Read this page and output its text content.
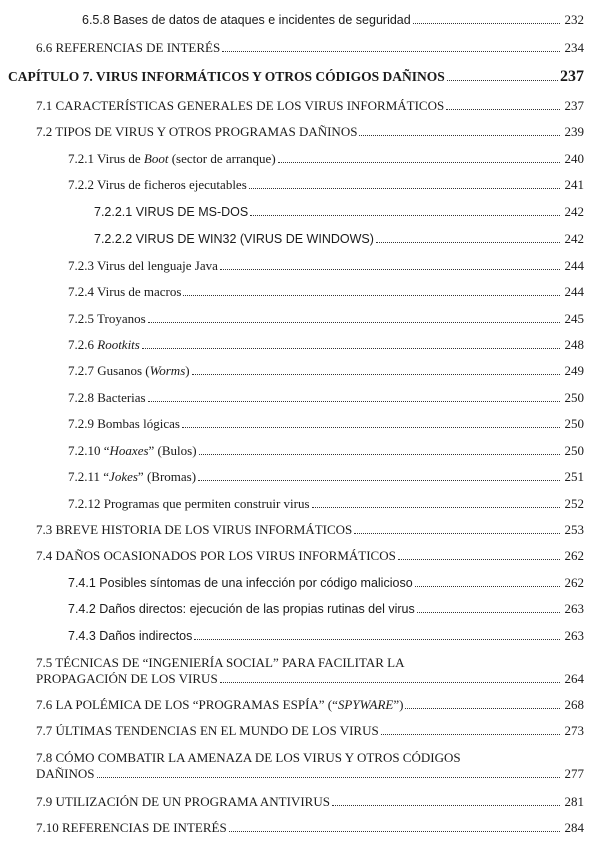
6.5.8 Bases de datos de ataques e incidentes de seguridad	232
6.6 REFERENCIAS DE INTERÉS	234
CAPÍTULO 7. VIRUS INFORMÁTICOS Y OTROS CÓDIGOS DAÑINOS	237
7.1 CARACTERÍSTICAS GENERALES DE LOS VIRUS INFORMÁTICOS	237
7.2 TIPOS DE VIRUS Y OTROS PROGRAMAS DAÑINOS	239
7.2.1 Virus de Boot (sector de arranque)	240
7.2.2 Virus de ficheros ejecutables	241
7.2.2.1 VIRUS DE MS-DOS	242
7.2.2.2 VIRUS DE WIN32 (VIRUS DE WINDOWS)	242
7.2.3 Virus del lenguaje Java	244
7.2.4 Virus de macros	244
7.2.5 Troyanos	245
7.2.6 Rootkits	248
7.2.7 Gusanos (Worms)	249
7.2.8 Bacterias	250
7.2.9 Bombas lógicas	250
7.2.10 “Hoaxes” (Bulos)	250
7.2.11 “Jokes” (Bromas)	251
7.2.12 Programas que permiten construir virus	252
7.3 BREVE HISTORIA DE LOS VIRUS INFORMÁTICOS	253
7.4 DAÑOS OCASIONADOS POR LOS VIRUS INFORMÁTICOS	262
7.4.1 Posibles síntomas de una infección por código malicioso	262
7.4.2 Daños directos: ejecución de las propias rutinas del virus	263
7.4.3 Daños indirectos	263
7.5 TÉCNICAS DE “INGENIERÍA SOCIAL” PARA FACILITAR LA
PROPAGACIÓN DE LOS VIRUS	264
7.6 LA POLÉMICA DE LOS “PROGRAMAS ESPÍA” (“SPYWARE”)	268
7.7 ÚLTIMAS TENDENCIAS EN EL MUNDO DE LOS VIRUS	273
7.8 CÓMO COMBATIR LA AMENAZA DE LOS VIRUS Y OTROS CÓDIGOS
DAÑINOS	277
7.9 UTILIZACIÓN DE UN PROGRAMA ANTIVIRUS	281
7.10 REFERENCIAS DE INTERÉS	284
